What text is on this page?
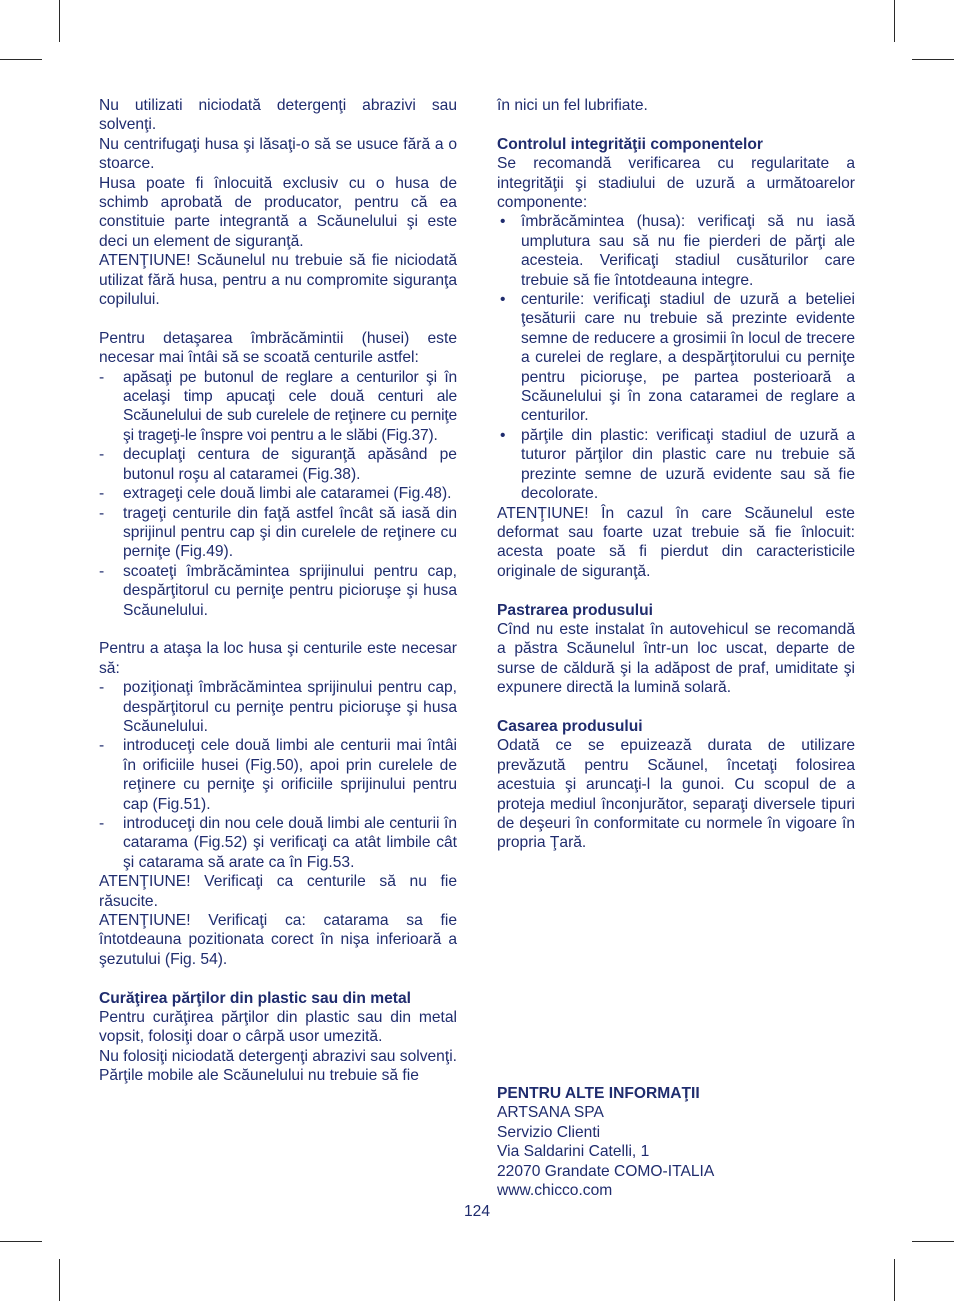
Nu utilizati niciodată detergenţi abrazivi sau solvenţi.

Nu centrifugaţi husa şi lăsaţi-o să se usuce fără a o stoarce.

Husa poate fi înlocuită exclusiv cu o husa de schimb aprobată de producator, pentru că ea constituie parte integrantă a Scăunelului şi este deci un element de siguranţă.

ATENŢIUNE! Scăunelul nu trebuie să fie niciodată utilizat fără husa, pentru a nu compromite siguranţa copilului.

Pentru detaşarea îmbrăcămintii (husei) este necesar mai întâi să se scoată centurile astfel:

- apăsaţi pe butonul de reglare a centurilor şi în acelaşi timp apucaţi cele două centuri ale Scăunelului de sub curelele de reţinere cu perniţe şi trageţi-le înspre voi pentru a le slăbi (Fig.37).
- decuplaţi centura de siguranţă apăsând pe butonul roşu al cataramei (Fig.38).
- extrageţi cele două limbi ale cataramei (Fig.48).
- trageţi centurile din faţă astfel încât să iasă din sprijinul pentru cap şi din curelele de reţinere cu perniţe (Fig.49).
- scoateţi îmbrăcămintea sprijinului pentru cap, despărţitorul cu perniţe pentru picioruşe şi husa Scăunelului.

Pentru a ataşa la loc husa şi centurile este necesar să:

- poziţionaţi îmbrăcămintea sprijinului pentru cap, despărţitorul cu perniţe pentru picioruşe şi husa Scăunelului.
- introduceţi cele două limbi ale centurii mai întâi în orificiile husei (Fig.50), apoi prin curelele de reţinere cu perniţe şi orificiile sprijinului pentru cap (Fig.51).
- introduceţi din nou cele două limbi ale centurii în catarama (Fig.52) şi verificaţi ca atât limbile cât şi catarama să arate ca în Fig.53.

ATENŢIUNE! Verificaţi ca centurile să nu fie răsucite.

ATENŢIUNE! Verificaţi ca: catarama sa fie întotdeauna pozitionata corect în nişa inferioară a şezutului (Fig. 54).

Curăţirea părţilor din plastic sau din metal

Pentru curăţirea părţilor din plastic sau din metal vopsit, folosiţi doar o cârpă usor umezită.

Nu folosiţi niciodată detergenţi abrazivi sau solvenţi.

Părţile mobile ale Scăunelului nu trebuie să fie

în nici un fel lubrifiate.

Controlul integrităţii componentelor

Se recomandă verificarea cu regularitate a integrităţii şi stadiului de uzură a următoarelor componente:

• îmbrăcămintea (husa): verificaţi să nu iasă umplutura sau să nu fie pierderi de părţi ale acesteia. Verificaţi stadiul cusăturilor care trebuie să fie întotdeauna integre.
• centurile: verificaţi stadiul de uzură a beteliei ţesăturii care nu trebuie să prezinte evidente semne de reducere a grosimii în locul de trecere a curelei de reglare, a despărţitorului cu perniţe pentru picioruşe, pe partea posterioară a Scăunelului şi în zona cataramei de reglare a centurilor.
• părţile din plastic: verificaţi stadiul de uzură a tuturor părţilor din plastic care nu trebuie să prezinte semne de uzură evidente sau să fie decolorate.

ATENŢIUNE! În cazul în care Scăunelul este deformat sau foarte uzat trebuie să fie înlocuit: acesta poate să fi pierdut din caracteristicile originale de siguranţă.

Pastrarea produsului

Cînd nu este instalat în autovehicul se recomandă a păstra Scăunelul într-un loc uscat, departe de surse de căldură şi la adăpost de praf, umiditate şi expunere directă la lumină solară.

Casarea produsului

Odată ce se epuizează durata de utilizare prevăzută pentru Scăunel, încetaţi folosirea acestuia şi aruncaţi-l la gunoi. Cu scopul de a proteja mediul înconjurător, separaţi diversele tipuri de deşeuri în conformitate cu normele în vigoare în propria Ţară.

PENTRU ALTE INFORMAŢII

ARTSANA SPA
Servizio Clienti
Via Saldarini Catelli, 1
22070 Grandate COMO-ITALIA
www.chicco.com
124
